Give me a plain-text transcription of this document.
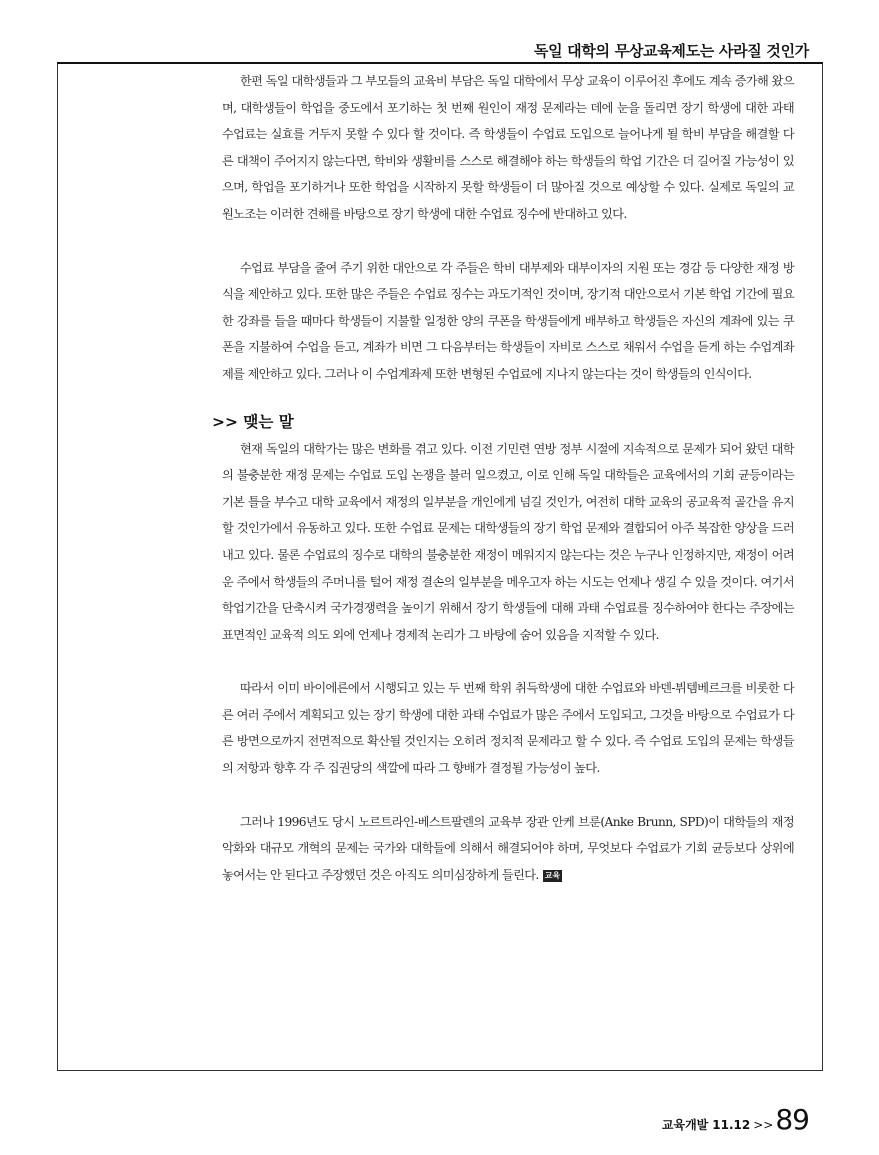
독일 대학의 무상교육제도는 사라질 것인가

한편 독일 대학생들과 그 부모들의 교육비 부담은 독일 대학에서 무상 교육이 이루어진 후에도 계속 증가해 왔으며, 대학생들이 학업을 중도에서 포기하는 첫 번째 원인이 재정 문제라는 데에 눈을 돌리면 장기 학생에 대한 과태 수업료는 실효를 거두지 못할 수 있다 할 것이다. 즉 학생들이 수업료 도입으로 늘어나게 될 학비 부담을 해결할 다른 대책이 주어지지 않는다면, 학비와 생활비를 스스로 해결해야 하는 학생들의 학업 기간은 더 길어질 가능성이 있으며, 학업을 포기하거나 또한 학업을 시작하지 못할 학생들이 더 많아질 것으로 예상할 수 있다. 실제로 독일의 교원노조는 이러한 견해를 바탕으로 장기 학생에 대한 수업료 징수에 반대하고 있다.

수업료 부담을 줄여 주기 위한 대안으로 각 주들은 학비 대부제와 대부이자의 지원 또는 경감 등 다양한 재정 방식을 제안하고 있다. 또한 많은 주들은 수업료 징수는 과도기적인 것이며, 장기적 대안으로서 기본 학업 기간에 필요한 강좌를 들을 때마다 학생들이 지불할 일정한 양의 쿠폰을 학생들에게 배부하고 학생들은 자신의 계좌에 있는 쿠폰을 지불하여 수업을 듣고, 계좌가 비면 그 다음부터는 학생들이 자비로 스스로 채워서 수업을 듣게 하는 수업계좌제를 제안하고 있다. 그러나 이 수업계좌제 또한 변형된 수업료에 지나지 않는다는 것이 학생들의 인식이다.

>> 맺는 말

현재 독일의 대학가는 많은 변화를 겪고 있다. 이전 기민련 연방 정부 시절에 지속적으로 문제가 되어 왔던 대학의 불충분한 재정 문제는 수업료 도입 논쟁을 불러 일으켰고, 이로 인해 독일 대학들은 교육에서의 기회 균등이라는 기본 틀을 부수고 대학 교육에서 재정의 일부분을 개인에게 넘길 것인가, 여전히 대학 교육의 공교육적 골간을 유지할 것인가에서 유동하고 있다. 또한 수업료 문제는 대학생들의 장기 학업 문제와 결합되어 아주 복잡한 양상을 드러내고 있다. 물론 수업료의 징수로 대학의 불충분한 재정이 메워지지 않는다는 것은 누구나 인정하지만, 재정이 어려운 주에서 학생들의 주머니를 털어 재정 결손의 일부분을 메우고자 하는 시도는 언제나 생길 수 있을 것이다. 여기서 학업기간을 단축시켜 국가경쟁력을 높이기 위해서 장기 학생들에 대해 과태 수업료를 징수하여야 한다는 주장에는 표면적인 교육적 의도 외에 언제나 경제적 논리가 그 바탕에 숨어 있음을 지적할 수 있다.

따라서 이미 바이에른에서 시행되고 있는 두 번째 학위 취득학생에 대한 수업료와 바덴-뷔템베르크를 비롯한 다른 여러 주에서 계획되고 있는 장기 학생에 대한 과태 수업료가 많은 주에서 도입되고, 그것을 바탕으로 수업료가 다른 방면으로까지 전면적으로 확산될 것인지는 오히려 정치적 문제라고 할 수 있다. 즉 수업료 도입의 문제는 학생들의 저항과 향후 각 주 집권당의 색깔에 따라 그 향배가 결정될 가능성이 높다.

그러나 1996년도 당시 노르트라인-베스트팔렌의 교육부 장관 안케 브룬(Anke Brunn, SPD)이 대학들의 재정 악화와 대규모 개혁의 문제는 국가와 대학들에 의해서 해결되어야 하며, 무엇보다 수업료가 기회 균등보다 상위에 놓여서는 안 된다고 주장했던 것은 아직도 의미심장하게 들린다. 교육

교육개발 11.12 >> 89
